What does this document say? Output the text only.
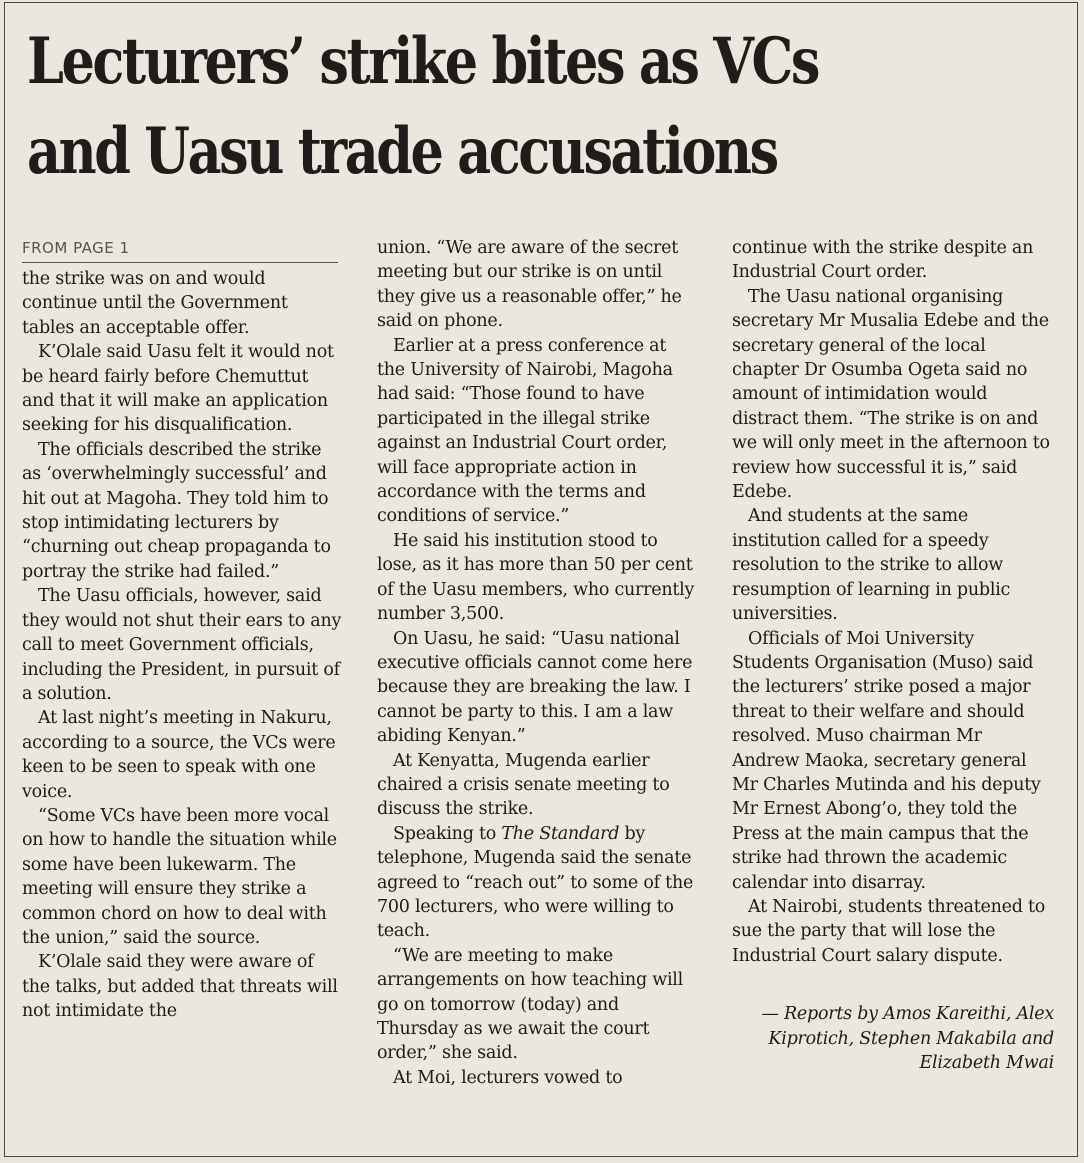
Lecturers’ strike bites as VCs
and Uasu trade accusations
FROM PAGE 1

the strike was on and would continue until the Government tables an acceptable offer.

K’Olale said Uasu felt it would not be heard fairly before Chemuttut and that it will make an application seeking for his disqualification.

The officials described the strike as ‘overwhelmingly successful’ and hit out at Magoha. They told him to stop intimidating lecturers by “churning out cheap propaganda to portray the strike had failed.”

The Uasu officials, however, said they would not shut their ears to any call to meet Government officials, including the President, in pursuit of a solution.

At last night’s meeting in Nakuru, according to a source, the VCs were keen to be seen to speak with one voice.

“Some VCs have been more vocal on how to handle the situation while some have been lukewarm. The meeting will ensure they strike a common chord on how to deal with the union,” said the source.

K’Olale said they were aware of the talks, but added that threats will not intimidate the

union. “We are aware of the secret meeting but our strike is on until they give us a reasonable offer,” he said on phone.

Earlier at a press conference at the University of Nairobi, Magoha had said: “Those found to have participated in the illegal strike against an Industrial Court order, will face appropriate action in accordance with the terms and conditions of service.”

He said his institution stood to lose, as it has more than 50 per cent of the Uasu members, who currently number 3,500.

On Uasu, he said: “Uasu national executive officials cannot come here because they are breaking the law. I cannot be party to this. I am a law abiding Kenyan.”

At Kenyatta, Mugenda earlier chaired a crisis senate meeting to discuss the strike.

Speaking to The Standard by telephone, Mugenda said the senate agreed to “reach out” to some of the 700 lecturers, who were willing to teach.

“We are meeting to make arrangements on how teaching will go on tomorrow (today) and Thursday as we await the court order,” she said.

At Moi, lecturers vowed to

continue with the strike despite an Industrial Court order.

The Uasu national organising secretary Mr Musalia Edebe and the secretary general of the local chapter Dr Osumba Ogeta said no amount of intimidation would distract them. “The strike is on and we will only meet in the afternoon to review how successful it is,” said Edebe.

And students at the same institution called for a speedy resolution to the strike to allow resumption of learning in public universities.

Officials of Moi University Students Organisation (Muso) said the lecturers’ strike posed a major threat to their welfare and should resolved. Muso chairman Mr Andrew Maoka, secretary general Mr Charles Mutinda and his deputy Mr Ernest Abong’o, they told the Press at the main campus that the strike had thrown the academic calendar into disarray.

At Nairobi, students threatened to sue the party that will lose the Industrial Court salary dispute.

— Reports by Amos Kareithi, Alex Kiprotich, Stephen Makabila and Elizabeth Mwai
